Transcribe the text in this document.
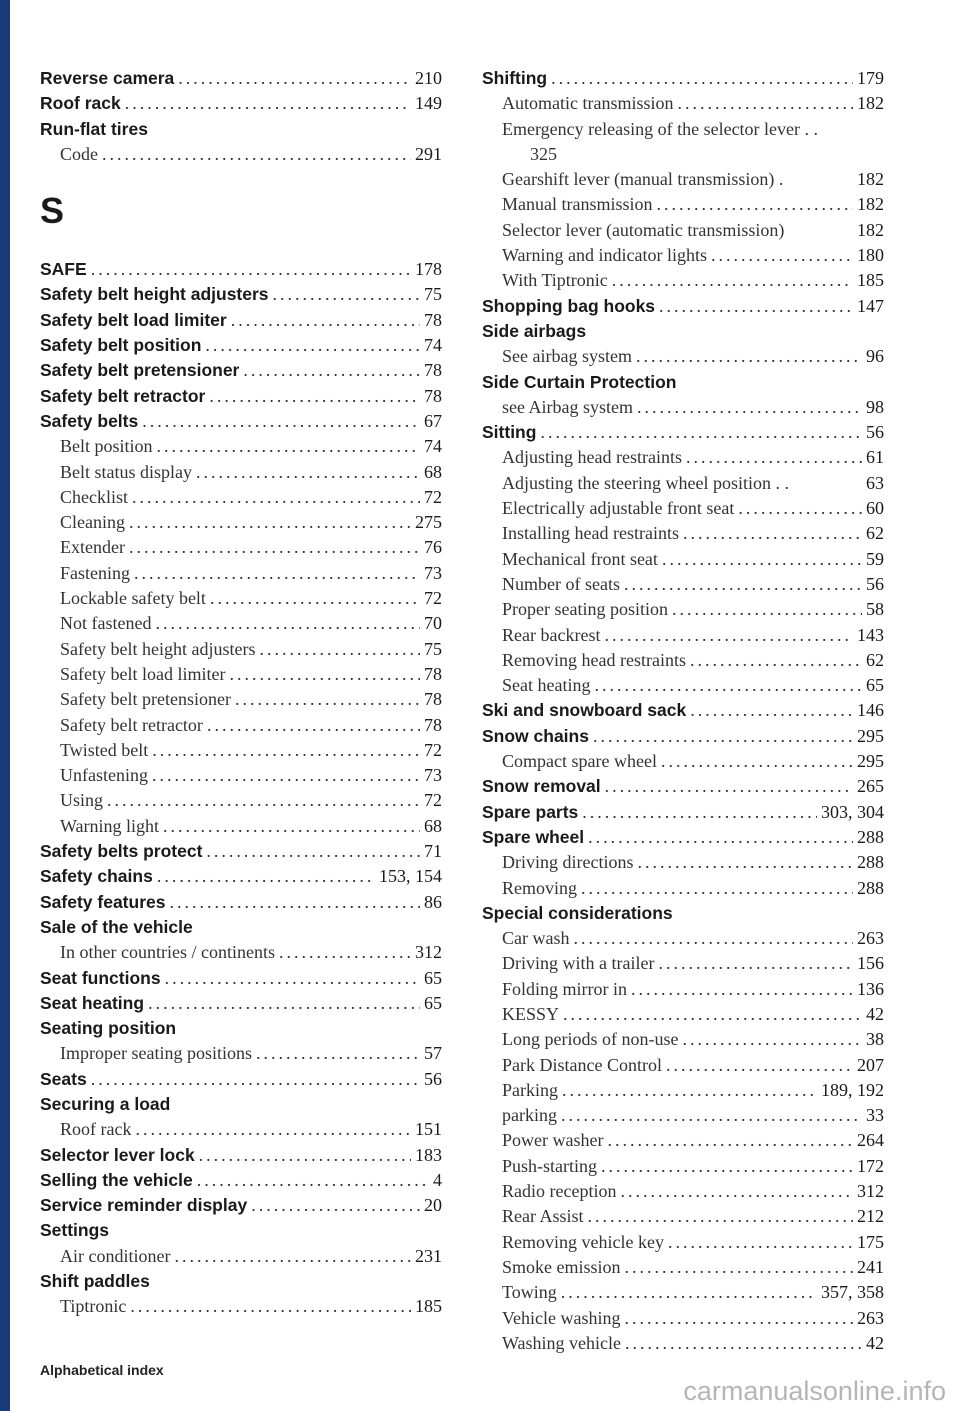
Reverse camera .....	210
Roof rack .....	149
Run-flat tires
Code .....	291
S
SAFE .....	178
Safety belt height adjusters .....	75
Safety belt load limiter .....	78
Safety belt position .....	74
Safety belt pretensioner .....	78
Safety belt retractor .....	78
Safety belts .....	67
Belt position .....	74
Belt status display .....	68
Checklist .....	72
Cleaning .....	275
Extender .....	76
Fastening .....	73
Lockable safety belt .....	72
Not fastened .....	70
Safety belt height adjusters .....	75
Safety belt load limiter .....	78
Safety belt pretensioner .....	78
Safety belt retractor .....	78
Twisted belt .....	72
Unfastening .....	73
Using .....	72
Warning light .....	68
Safety belts protect .....	71
Safety chains .....	153, 154
Safety features .....	86
Sale of the vehicle
In other countries / continents .....	312
Seat functions .....	65
Seat heating .....	65
Seating position
Improper seating positions .....	57
Seats .....	56
Securing a load
Roof rack .....	151
Selector lever lock .....	183
Selling the vehicle .....	4
Service reminder display .....	20
Settings
Air conditioner .....	231
Shift paddles
Tiptronic .....	185
Shifting .....	179
Automatic transmission .....	182
Emergency releasing of the selector lever . .
325
Gearshift lever (manual transmission) .	182
Manual transmission .....	182
Selector lever (automatic transmission)	182
Warning and indicator lights .....	180
With Tiptronic .....	185
Shopping bag hooks .....	147
Side airbags
See airbag system .....	96
Side Curtain Protection
see Airbag system .....	98
Sitting .....	56
Adjusting head restraints .....	61
Adjusting the steering wheel position . .	63
Electrically adjustable front seat .....	60
Installing head restraints .....	62
Mechanical front seat .....	59
Number of seats .....	56
Proper seating position .....	58
Rear backrest .....	143
Removing head restraints .....	62
Seat heating .....	65
Ski and snowboard sack .....	146
Snow chains .....	295
Compact spare wheel .....	295
Snow removal .....	265
Spare parts .....	303, 304
Spare wheel .....	288
Driving directions .....	288
Removing .....	288
Special considerations
Car wash .....	263
Driving with a trailer .....	156
Folding mirror in .....	136
KESSY .....	42
Long periods of non-use .....	38
Park Distance Control .....	207
Parking .....	189, 192
parking .....	33
Power washer .....	264
Push-starting .....	172
Radio reception .....	312
Rear Assist .....	212
Removing vehicle key .....	175
Smoke emission .....	241
Towing .....	357, 358
Vehicle washing .....	263
Washing vehicle .....	42
Alphabetical index
carmanualsonline.info
